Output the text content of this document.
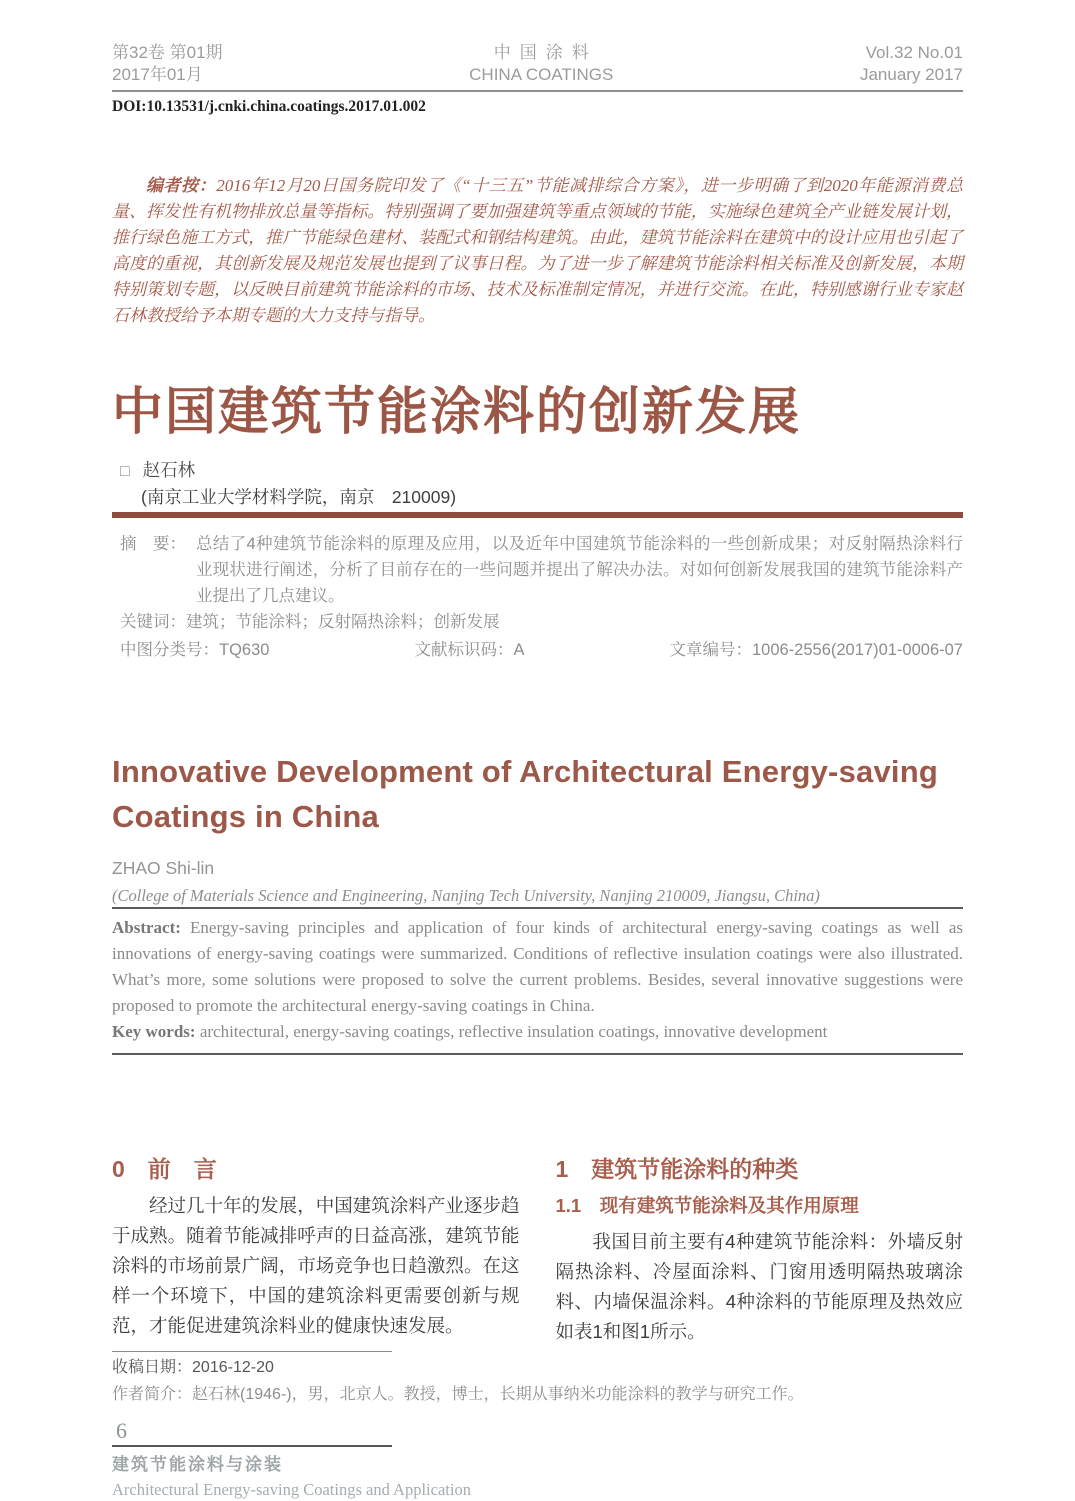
第32卷 第01期
2017年01月
中国涂料
CHINA COATINGS
Vol.32 No.01
January 2017
DOI:10.13531/j.cnki.china.coatings.2017.01.002

编者按：2016年12月20日国务院印发了《“十三五”节能减排综合方案》，进一步明确了到2020年能源消费总量、挥发性有机物排放总量等指标。特别强调了要加强建筑等重点领域的节能，实施绿色建筑全产业链发展计划，推行绿色施工方式，推广节能绿色建材、装配式和钢结构建筑。由此，建筑节能涂料在建筑中的设计应用也引起了高度的重视，其创新发展及规范发展也提到了议事日程。为了进一步了解建筑节能涂料相关标准及创新发展，本期特别策划专题，以反映目前建筑节能涂料的市场、技术及标准制定情况，并进行交流。在此，特别感谢行业专家赵石林教授给予本期专题的大力支持与指导。

中国建筑节能涂料的创新发展
□ 赵石林
(南京工业大学材料学院，南京　210009)
摘　要： 总结了4种建筑节能涂料的原理及应用，以及近年中国建筑节能涂料的一些创新成果；对反射隔热涂料行业现状进行阐述，分析了目前存在的一些问题并提出了解决办法。对如何创新发展我国的建筑节能涂料产业提出了几点建议。
关键词：建筑；节能涂料；反射隔热涂料；创新发展
中图分类号：TQ630	文献标识码：A	文章编号：1006-2556(2017)01-0006-07
Innovative Development of Architectural Energy-saving
Coatings in China
ZHAO Shi-lin
(College of Materials Science and Engineering, Nanjing Tech University, Nanjing 210009, Jiangsu, China)

Abstract: Energy-saving principles and application of four kinds of architectural energy-saving coatings as well as innovations of energy-saving coatings were summarized. Conditions of reflective insulation coatings were also illustrated. What’s more, some solutions were proposed to solve the current problems. Besides, several innovative suggestions were proposed to promote the architectural energy-saving coatings in China.

Key words: architectural, energy-saving coatings, reflective insulation coatings, innovative development

0　前　言

经过几十年的发展，中国建筑涂料产业逐步趋于成熟。随着节能减排呼声的日益高涨，建筑节能涂料的市场前景广阔，市场竞争也日趋激烈。在这样一个环境下，中国的建筑涂料更需要创新与规范，才能促进建筑涂料业的健康快速发展。

1　建筑节能涂料的种类
1.1　现有建筑节能涂料及其作用原理

我国目前主要有4种建筑节能涂料：外墙反射隔热涂料、冷屋面涂料、门窗用透明隔热玻璃涂料、内墙保温涂料。4种涂料的节能原理及热效应如表1和图1所示。

收稿日期：2016-12-20
作者简介：赵石林(1946-)，男，北京人。教授，博士，长期从事纳米功能涂料的教学与研究工作。
6
建筑节能涂料与涂装
Architectural Energy-saving Coatings and Application
